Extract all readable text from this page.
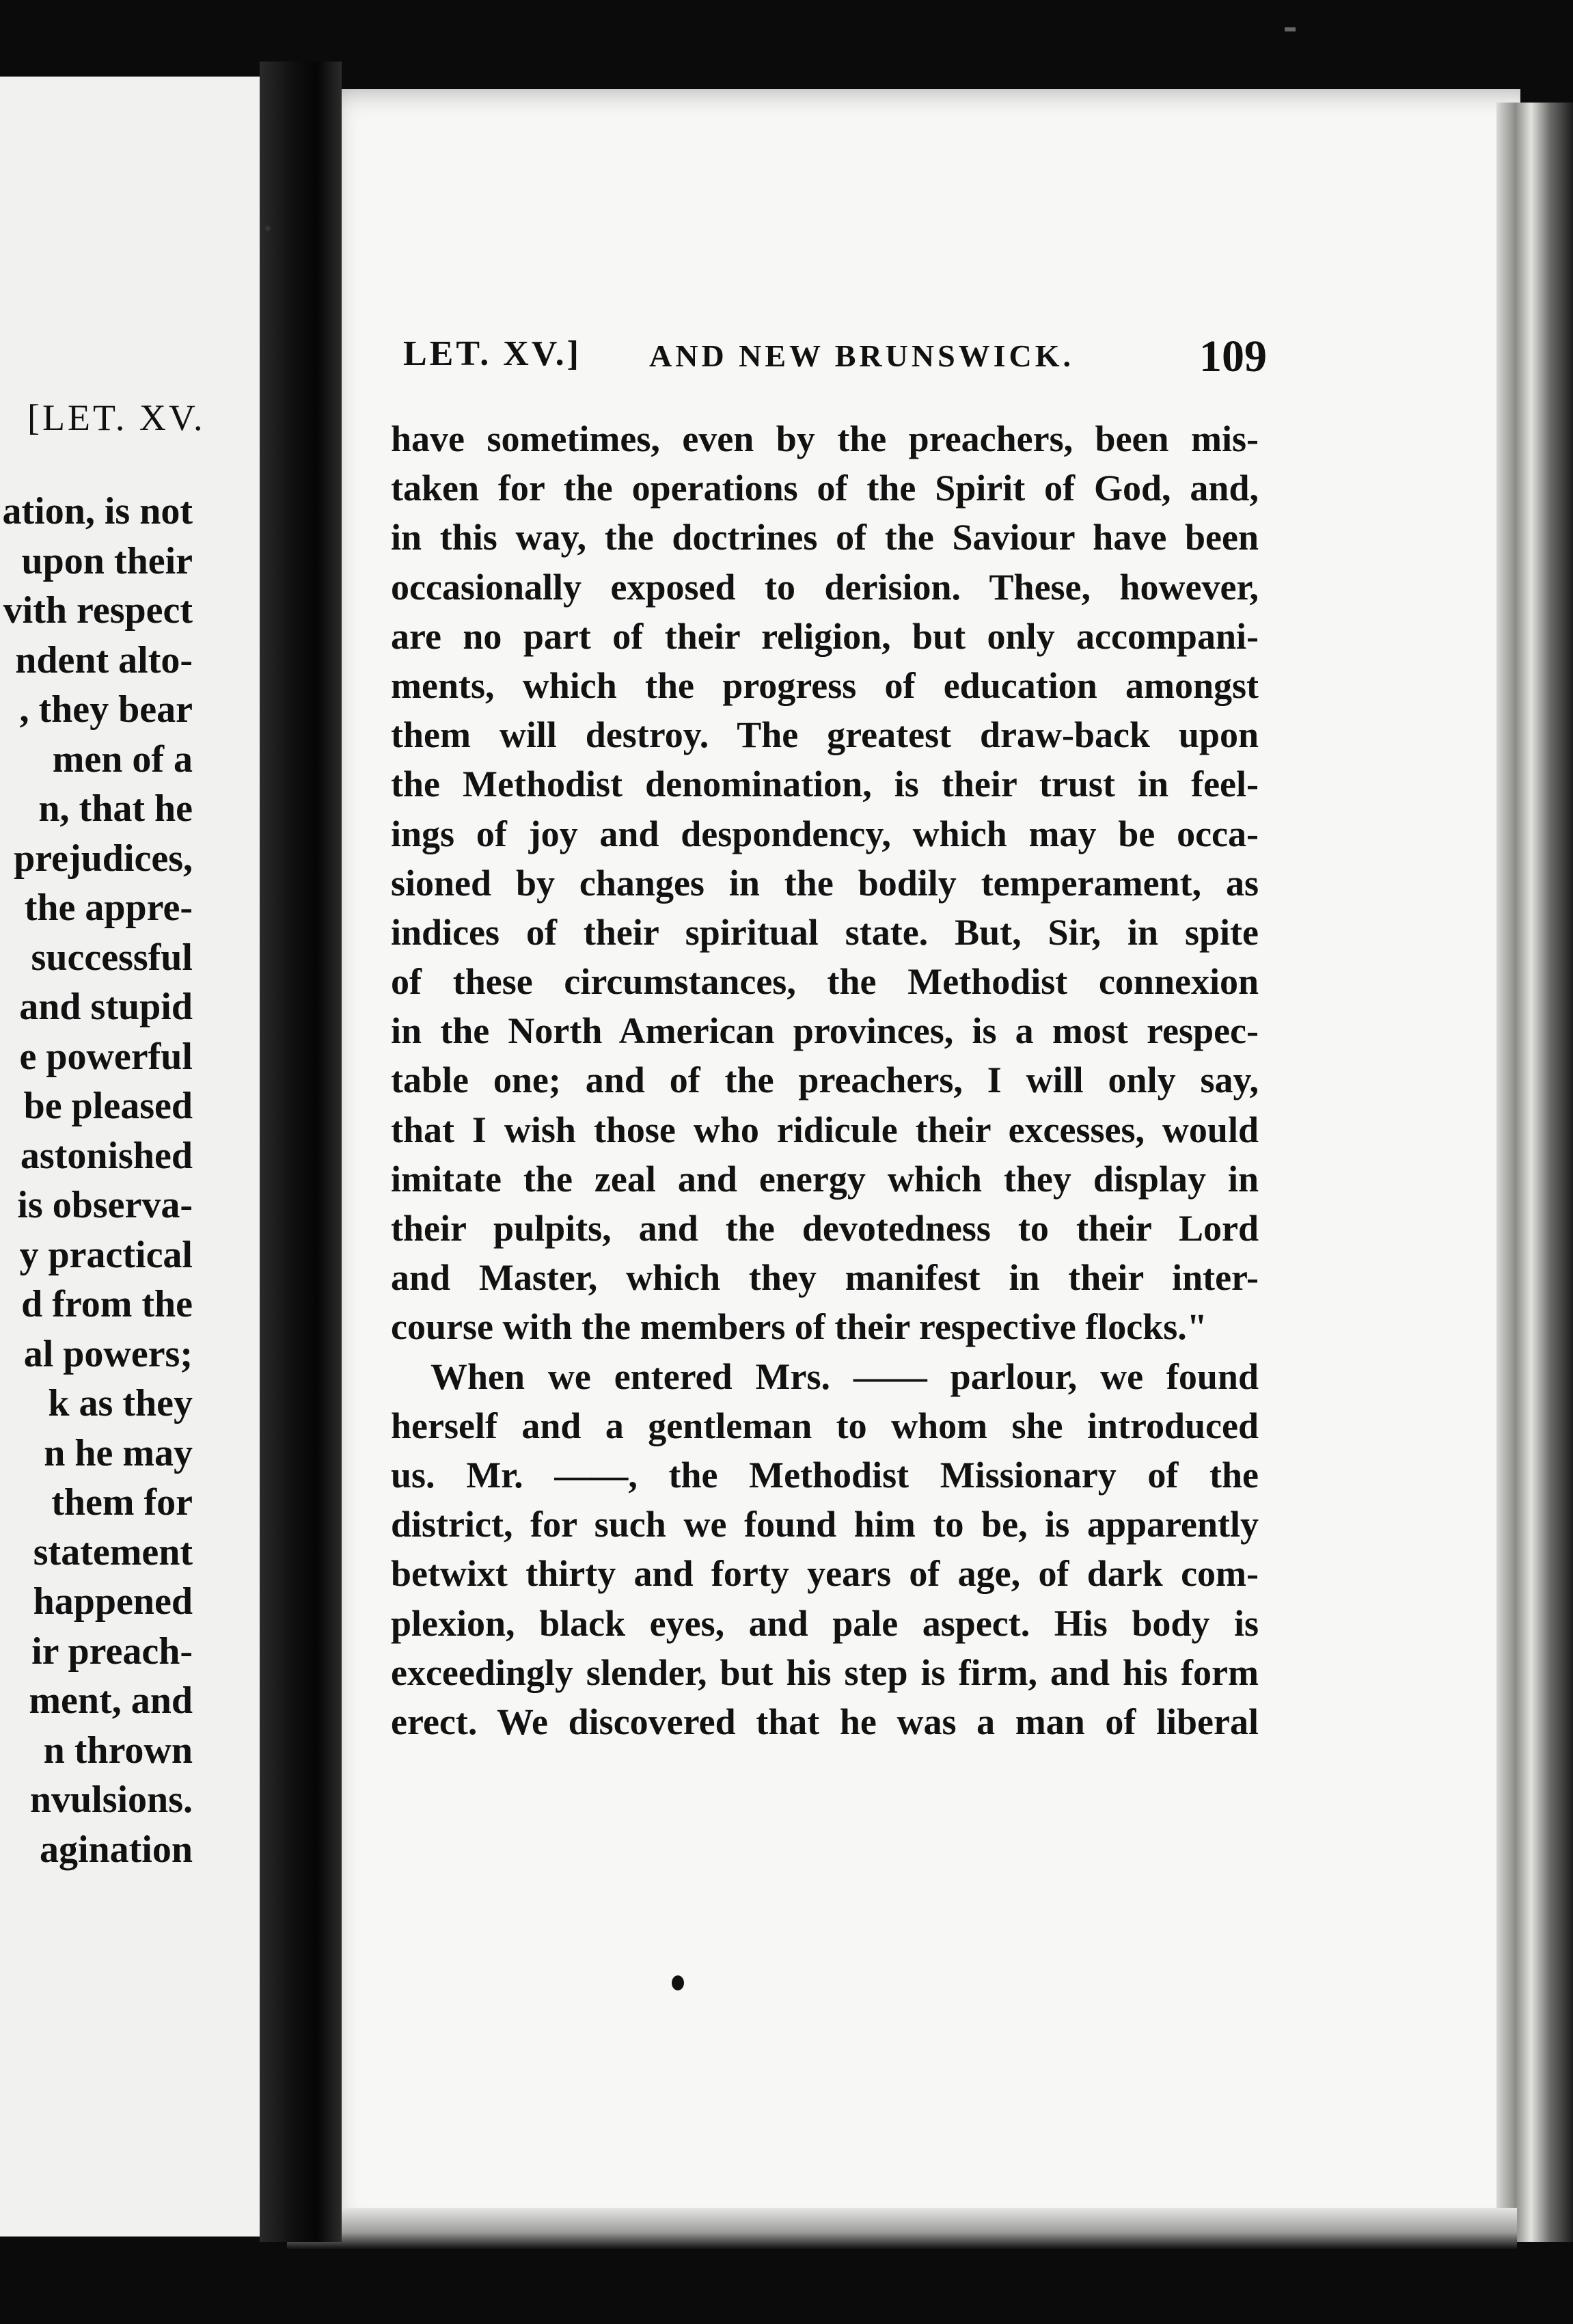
[LET. XV.
ation, is not
upon their
vith respect
ndent alto-
, they bear
men of a
n, that he
prejudices,
the appre-
successful
and stupid
e powerful
be pleased
astonished
is observa-
y practical
d from the
al powers;
k as they
n he may
them for
statement
happened
ir preach-
ment, and
n thrown
nvulsions.
agination
LET. XV.] AND NEW BRUNSWICK.	109
have sometimes, even by the preachers, been mis-
taken for the operations of the Spirit of God, and,
in this way, the doctrines of the Saviour have been
occasionally exposed to derision. These, however,
are no part of their religion, but only accompani-
ments, which the progress of education amongst
them will destroy. The greatest draw-back upon
the Methodist denomination, is their trust in feel-
ings of joy and despondency, which may be occa-
sioned by changes in the bodily temperament, as
indices of their spiritual state. But, Sir, in spite
of these circumstances, the Methodist connexion
in the North American provinces, is a most respec-
table one; and of the preachers, I will only say,
that I wish those who ridicule their excesses, would
imitate the zeal and energy which they display in
their pulpits, and the devotedness to their Lord
and Master, which they manifest in their inter-
course with the members of their respective flocks."
When we entered Mrs. —— parlour, we found
herself and a gentleman to whom she introduced
us. Mr. ——, the Methodist Missionary of the
district, for such we found him to be, is apparently
betwixt thirty and forty years of age, of dark com-
plexion, black eyes, and pale aspect. His body is
exceedingly slender, but his step is firm, and his form
erect. We discovered that he was a man of liberal
